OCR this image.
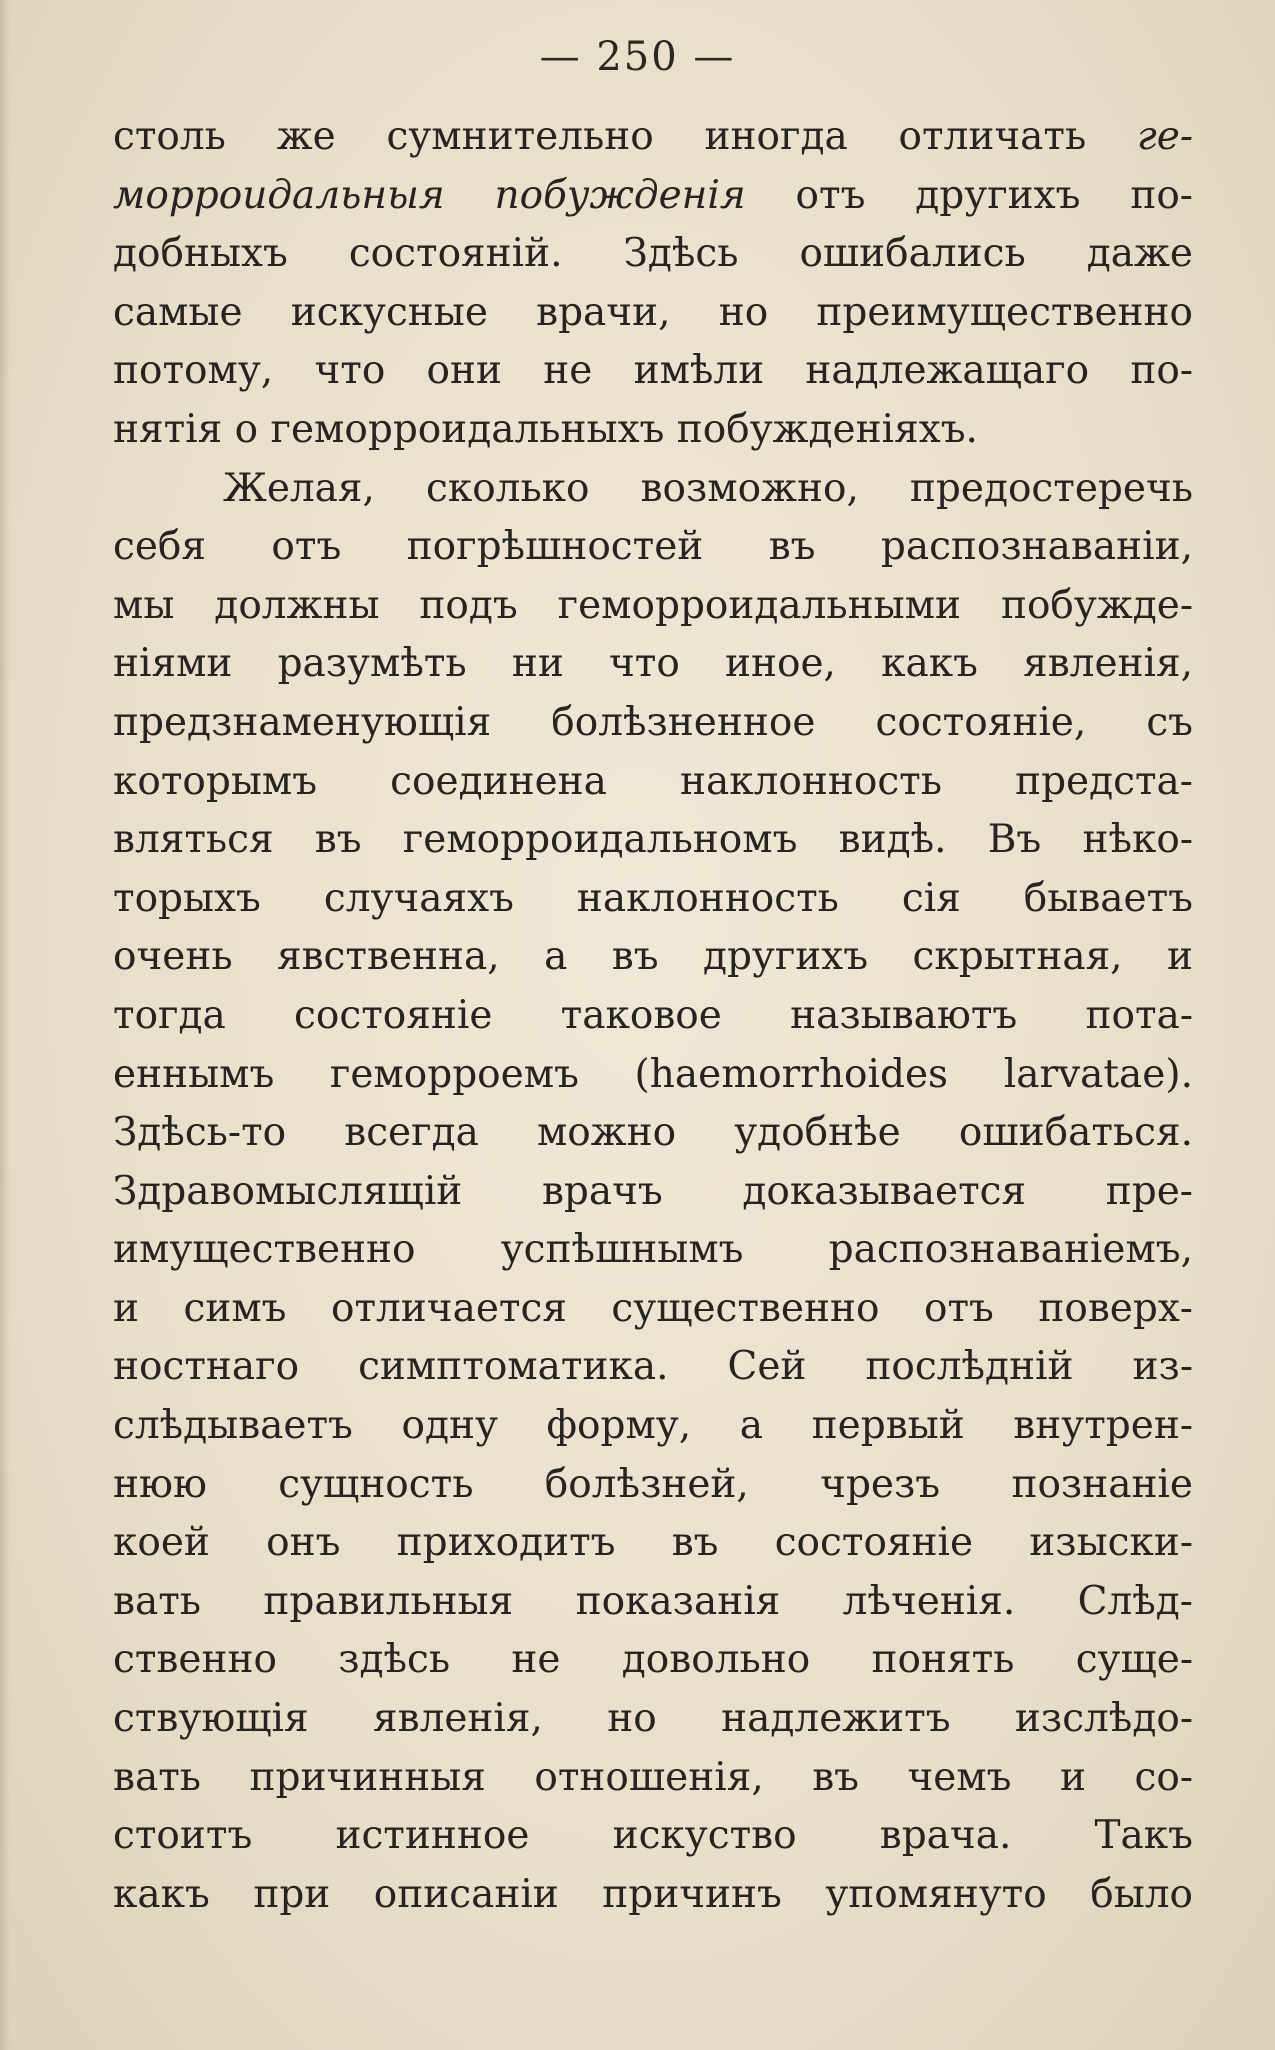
— 250 —
столь же сумнительно иногда отличать ге-
морроидальныя побужденія отъ другихъ по-
добныхъ состояній. Здѣсь ошибались даже
самые искусные врачи, но преимущественно
потому, что они не имѣли надлежащаго по-
нятія о геморроидальныхъ побужденіяхъ.
Желая, сколько возможно, предостеречь
себя отъ погрѣшностей въ распознаваніи,
мы должны подъ геморроидальными побужде-
ніями разумѣть ни что иное, какъ явленія,
предзнаменующія болѣзненное состояніе, съ
которымъ соединена наклонность предста-
вляться въ геморроидальномъ видѣ. Въ нѣко-
торыхъ случаяхъ наклонность сія бываетъ
очень явственна, а въ другихъ скрытная, и
тогда состояніе таковое называютъ пота-
еннымъ геморроемъ (haemorrhoides larvatae).
Здѣсь-то всегда можно удобнѣе ошибаться.
Здравомыслящій врачъ доказывается пре-
имущественно успѣшнымъ распознаваніемъ,
и симъ отличается существенно отъ поверх-
ностнаго симптоматика. Сей послѣдній из-
слѣдываетъ одну форму, а первый внутрен-
нюю сущность болѣзней, чрезъ познаніе
коей онъ приходитъ въ состояніе изыски-
вать правильныя показанія лѣченія. Слѣд-
ственно здѣсь не довольно понять суще-
ствующія явленія, но надлежитъ изслѣдо-
вать причинныя отношенія, въ чемъ и со-
стоитъ истинное искуство врача. Такъ
какъ при описаніи причинъ упомянуто было
